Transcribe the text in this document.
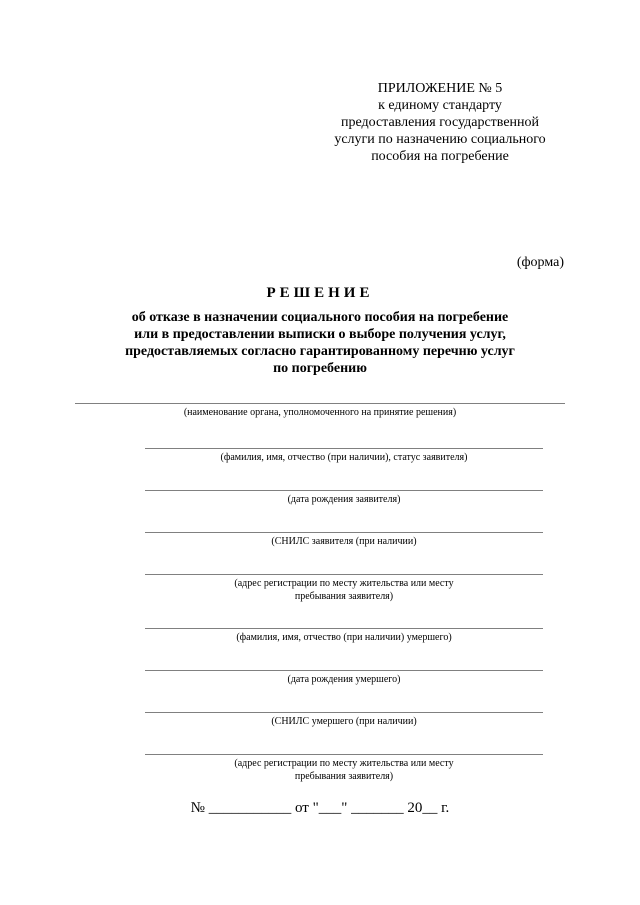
ПРИЛОЖЕНИЕ № 5
к единому стандарту
предоставления государственной
услуги по назначению социального
пособия на погребение
(форма)
РЕШЕНИЕ
об отказе в назначении социального пособия на погребение
или в предоставлении выписки о выборе получения услуг,
предоставляемых согласно гарантированному перечню услуг
по погребению
(наименование органа, уполномоченного на принятие решения)
(фамилия, имя, отчество (при наличии), статус заявителя)
(дата рождения заявителя)
(СНИЛС заявителя (при наличии)
(адрес регистрации по месту жительства или месту
пребывания заявителя)
(фамилия, имя, отчество (при наличии) умершего)
(дата рождения умершего)
(СНИЛС умершего (при наличии)
(адрес регистрации по месту жительства или месту
пребывания заявителя)
№ ___________ от "___" _______ 20__ г.
